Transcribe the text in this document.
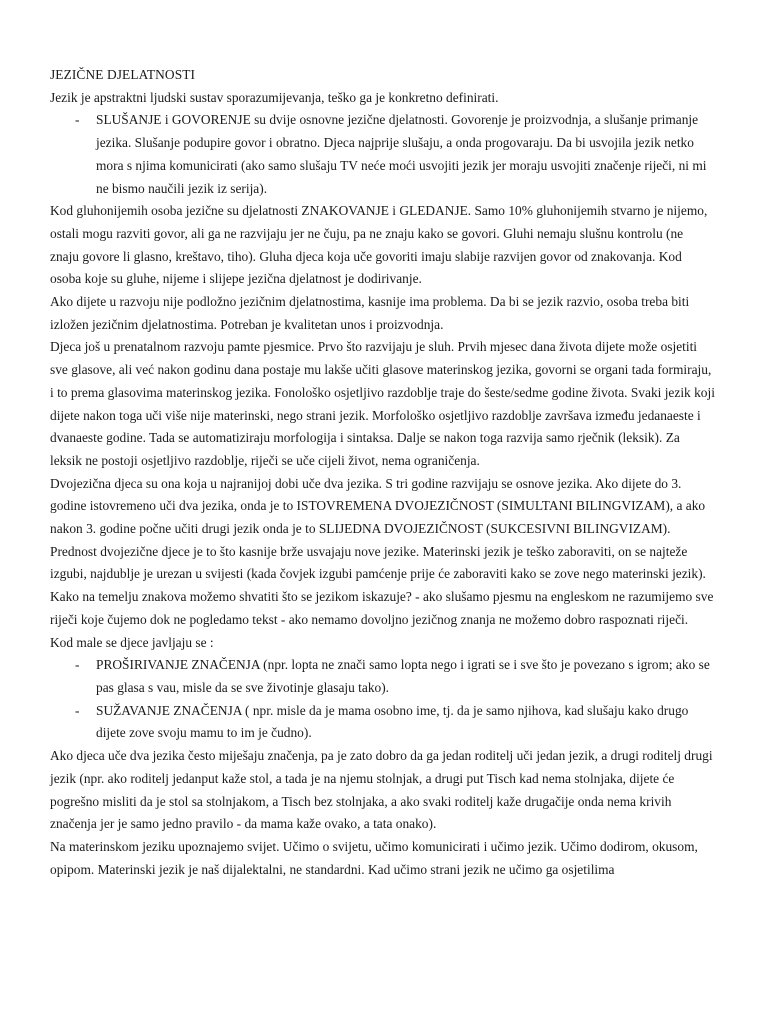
JEZIČNE DJELATNOSTI

Jezik je apstraktni ljudski sustav sporazumijevanja, teško ga je konkretno definirati.

- SLUŠANJE i GOVORENJE su dvije osnovne jezične djelatnosti. Govorenje je proizvodnja, a slušanje primanje jezika. Slušanje podupire govor i obratno. Djeca najprije slušaju, a onda progovaraju. Da bi usvojila jezik netko mora s njima komunicirati (ako samo slušaju TV neće moći usvojiti jezik jer moraju usvojiti značenje riječi, ni mi ne bismo naučili jezik iz serija).

Kod gluhonijemih osoba jezične su djelatnosti ZNAKOVANJE i GLEDANJE. Samo 10% gluhonijemih stvarno je nijemo, ostali mogu razviti govor, ali ga ne razvijaju jer ne čuju, pa ne znaju kako se govori. Gluhi nemaju slušnu kontrolu (ne znaju govore li glasno, kreštavo, tiho). Gluha djeca koja uče govoriti imaju slabije razvijen govor od znakovanja. Kod osoba koje su gluhe, nijeme i slijepe jezična djelatnost je dodirivanje.

Ako dijete u razvoju nije podložno jezičnim djelatnostima, kasnije ima problema. Da bi se jezik razvio, osoba treba biti izložen jezičnim djelatnostima. Potreban je kvalitetan unos i proizvodnja.

Djeca još u prenatalnom razvoju pamte pjesmice. Prvo što razvijaju je sluh. Prvih mjesec dana života dijete može osjetiti sve glasove, ali već nakon godinu dana postaje mu lakše učiti glasove materinskog jezika, govorni se organi tada formiraju, i to prema glasovima materinskog jezika. Fonološko osjetljivo razdoblje traje do šeste/sedme godine života. Svaki jezik koji dijete nakon toga uči više nije materinski, nego strani jezik. Morfološko osjetljivo razdoblje završava između jedanaeste i dvanaeste godine. Tada se automatiziraju morfologija i sintaksa. Dalje se nakon toga razvija samo rječnik (leksik). Za leksik ne postoji osjetljivo razdoblje, riječi se uče cijeli život, nema ograničenja.

Dvojezična djeca su ona koja u najranijoj dobi uče dva jezika. S tri godine razvijaju se osnove jezika. Ako dijete do 3. godine istovremeno uči dva jezika, onda je to ISTOVREMENA DVOJEZIČNOST (SIMULTANI BILINGVIZAM), a ako nakon 3. godine počne učiti drugi jezik onda je to SLIJEDNA DVOJEZIČNOST (SUKCESIVNI BILINGVIZAM). Prednost dvojezične djece je to što kasnije brže usvajaju nove jezike. Materinski jezik je teško zaboraviti, on se najteže izgubi, najdublje je urezan u svijesti (kada čovjek izgubi pamćenje prije će zaboraviti kako se zove nego materinski jezik).

Kako na temelju znakova možemo shvatiti što se jezikom iskazuje? - ako slušamo pjesmu na engleskom ne razumijemo sve riječi koje čujemo dok ne pogledamo tekst - ako nemamo dovoljno jezičnog znanja ne možemo dobro raspoznati riječi.

Kod male se djece javljaju se :

- PROŠIRIVANJE ZNAČENJA (npr. lopta ne znači samo lopta nego i igrati se i sve što je povezano s igrom; ako se pas glasa s vau, misle da se sve životinje glasaju tako).
- SUŽAVANJE ZNAČENJA ( npr. misle da je mama osobno ime, tj. da je samo njihova, kad slušaju kako drugo dijete zove svoju mamu to im je čudno).

Ako djeca uče dva jezika često miješaju značenja, pa je zato dobro da ga jedan roditelj uči jedan jezik, a drugi roditelj drugi jezik (npr. ako roditelj jedanput kaže stol, a tada je na njemu stolnjak, a drugi put Tisch kad nema stolnjaka, dijete će pogrešno misliti da je stol sa stolnjakom, a Tisch bez stolnjaka, a ako svaki roditelj kaže drugačije onda nema krivih značenja jer je samo jedno pravilo - da mama kaže ovako, a tata onako).

Na materinskom jeziku upoznajemo svijet. Učimo o svijetu, učimo komunicirati i učimo jezik. Učimo dodirom, okusom, opipom. Materinski jezik je naš dijalektalni, ne standardni. Kad učimo strani jezik ne učimo ga osjetilima
